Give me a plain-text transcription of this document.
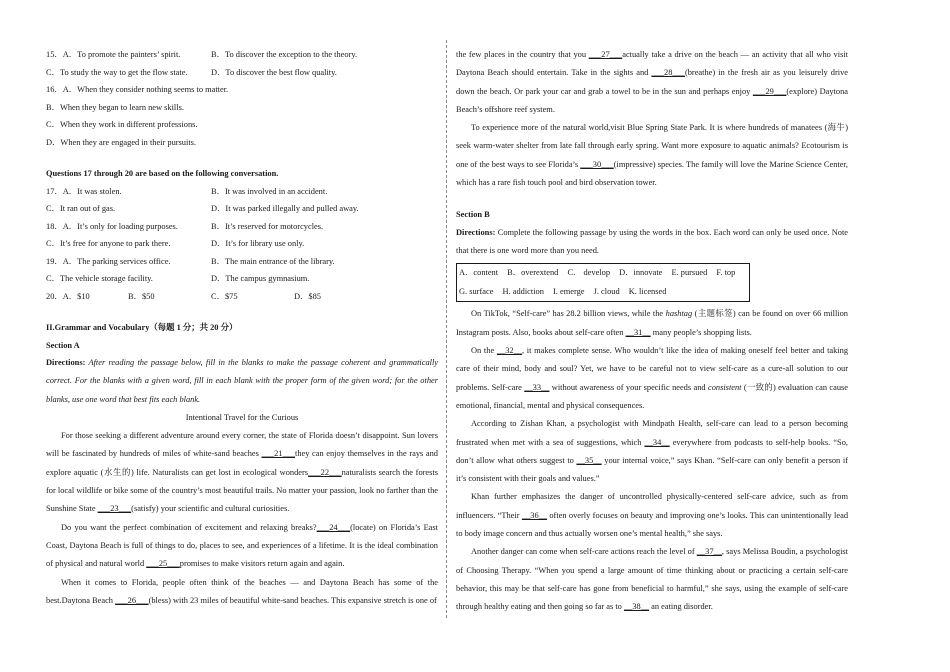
15．A．To promote the painters’ spirit.	B．To discover the exception to the theory.
C．To study the way to get the flow state.	D．To discover the best flow quality.
16．A．When they consider nothing seems to matter.
B．When they began to learn new skills.
C．When they work in different professions.
D．When they are engaged in their pursuits.
Questions 17 through 20 are based on the following conversation.
17．A．It was stolen.	B．It was involved in an accident.
C．It ran out of gas.	D．It was parked illegally and pulled away.
18．A．It’s only for loading purposes.	B．It’s reserved for motorcycles.
C．It’s free for anyone to park there.	D．It’s for library use only.
19．A．The parking services office.	B．The main entrance of the library.
C．The vehicle storage facility.	D．The campus gymnasium.
20．A．$10	B．$50	C．$75	D．$85
II.Grammar and Vocabulary（每题 1 分；共 20 分）
Section A

Directions: After reading the passage below, fill in the blanks to make the passage coherent and grammatically correct. For the blanks with a given word, fill in each blank with the proper form of the given word; for the other blanks, use one word that best fits each blank.

Intentional Travel for the Curious

For those seeking a different adventure around every corner, the state of Florida doesn’t disappoint. Sun lovers will be fascinated by hundreds of miles of white-sand beaches ___21___they can enjoy themselves in the rays and explore aquatic (水生的) life. Naturalists can get lost in ecological wonders___22___naturalists search the forests for local wildlife or bike some of the country’s most beautiful trails. No matter your passion, look no farther than the Sunshine State ___23___(satisfy) your scientific and cultural curiosities.

Do you want the perfect combination of excitement and relaxing breaks?___24___(locate) on Florida’s East Coast, Daytona Beach is full of things to do, places to see, and experiences of a lifetime. It is the ideal combination of physical and natural world ___25___promises to make visitors return again and again.

When it comes to Florida, people often think of the beaches — and Daytona Beach has some of the best.Daytona Beach ___26___(bless) with 23 miles of beautiful white-sand beaches. This expansive stretch is one of

the few places in the country that you ___27___actually take a drive on the beach — an activity that all who visit Daytona Beach should entertain. Take in the sights and ___28___(breathe) in the fresh air as you leisurely drive down the beach. Or park your car and grab a towel to be in the sun and perhaps enjoy ___29___(explore) Daytona Beach’s offshore reef system.

To experience more of the natural world,visit Blue Spring State Park. It is where hundreds of manatees (海牛) seek warm-water shelter from late fall through early spring. Want more exposure to aquatic animals? Ecotourism is one of the best ways to see Florida’s ___30___(impressive) species. The family will love the Marine Science Center, which has a rare fish touch pool and bird observation tower.

Section B

Directions: Complete the following passage by using the words in the box. Each word can only be used once. Note that there is one word more than you need.

A．content B．overextend C． develop D．innovate E. pursued F. top
G. surface H. addiction I. emerge J. cloud K. licensed

On TikTok, “Self-care” has 28.2 billion views, while the hashtag (主题标签) can be found on over 66 million Instagram posts. Also, books about self-care often __31__ many people’s shopping lists.

On the __32__, it makes complete sense. Who wouldn’t like the idea of making oneself feel better and taking care of their mind, body and soul? Yet, we have to be careful not to view self-care as a cure-all solution to our problems. Self-care __33__ without awareness of your specific needs and consistent (一致的) evaluation can cause emotional, financial, mental and physical consequences.

According to Zishan Khan, a psychologist with Mindpath Health, self-care can lead to a person becoming frustrated when met with a sea of suggestions, which __34__ everywhere from podcasts to self-help books. “So, don’t allow what others suggest to __35__ your internal voice,” says Khan. “Self-care can only benefit a person if it’s consistent with their goals and values.”

Khan further emphasizes the danger of uncontrolled physically-centered self-care advice, such as from influencers. “Their __36__ often overly focuses on beauty and improving one’s looks. This can unintentionally lead to body image concern and thus actually worsen one’s mental health,” she says.

Another danger can come when self-care actions reach the level of __37__, says Melissa Boudin, a psychologist of Choosing Therapy. “When you spend a large amount of time thinking about or practicing a certain self-care behavior, this may be that self-care has gone from beneficial to harmful,” she says, using the example of self-care through healthy eating and then going so far as to __38__ an eating disorder.
